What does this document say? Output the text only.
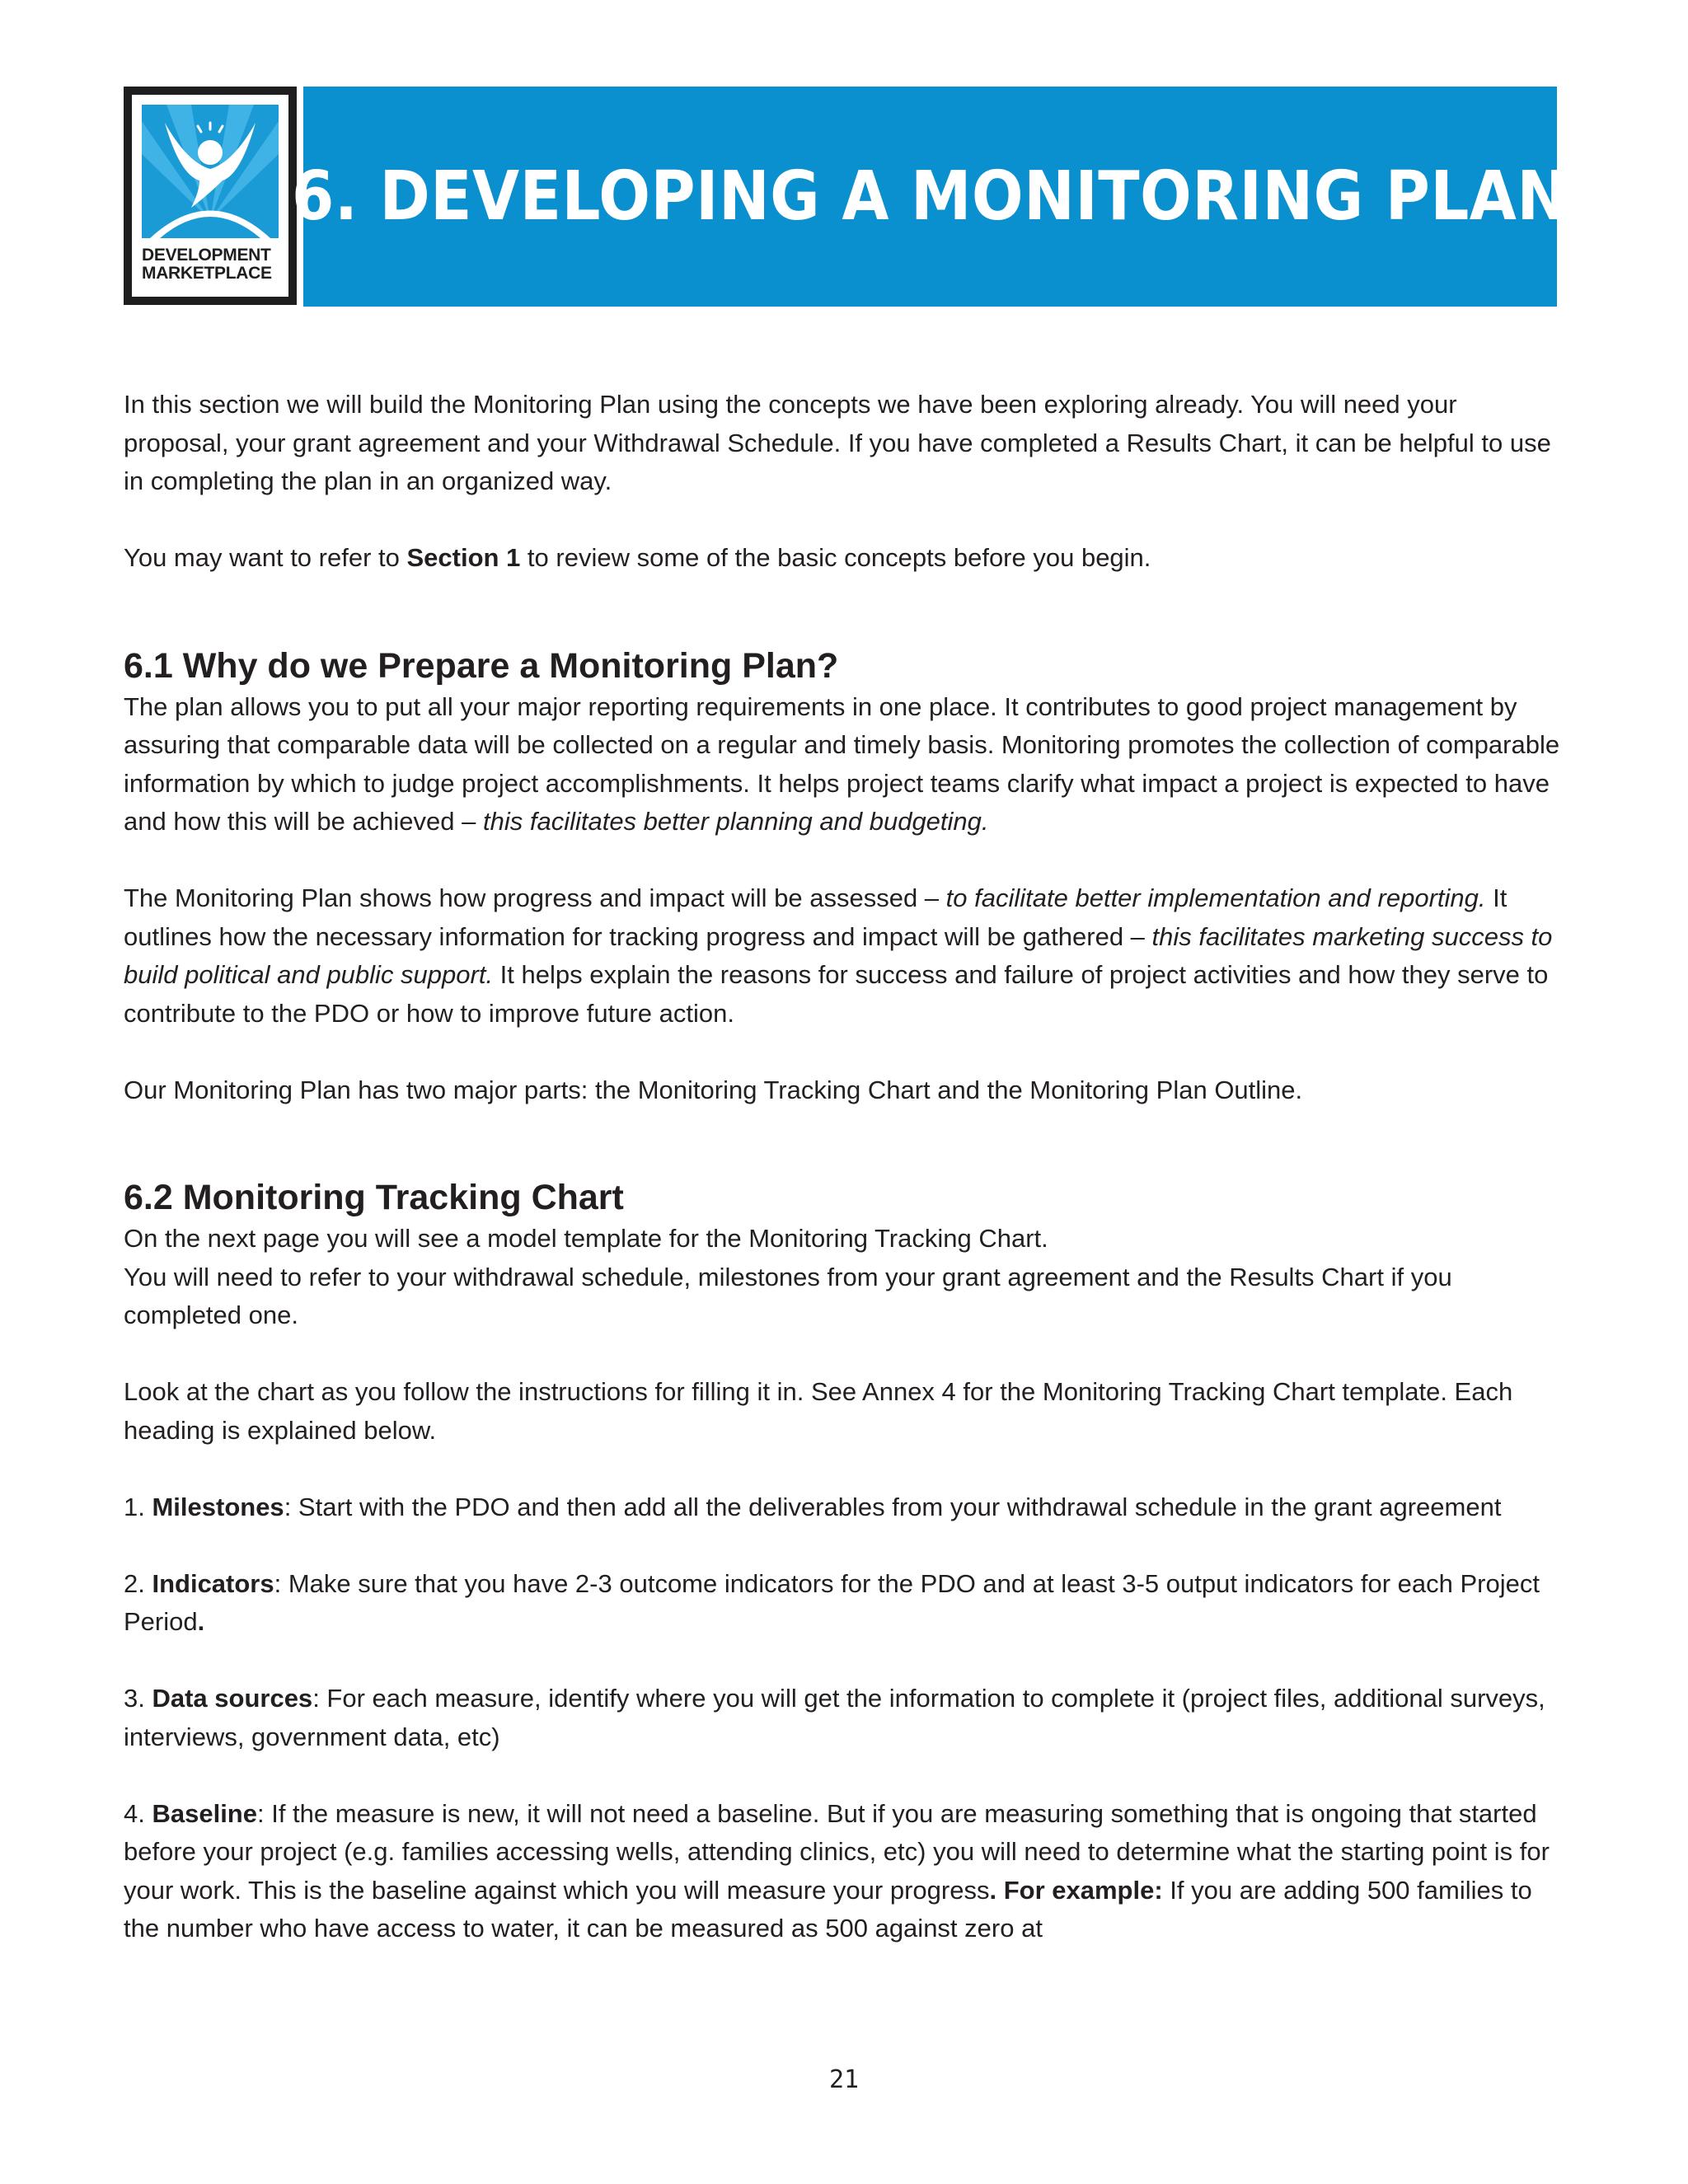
DEVELOPMENT
MARKETPLACE
6. DEVELOPING A MONITORING PLAN

In this section we will build the Monitoring Plan using the concepts we have been exploring already. You will need your proposal, your grant agreement and your Withdrawal Schedule. If you have completed a Results Chart, it can be helpful to use in completing the plan in an organized way.

You may want to refer to Section 1 to review some of the basic concepts before you begin.

6.1 Why do we Prepare a Monitoring Plan?

The plan allows you to put all your major reporting requirements in one place. It contributes to good project management by assuring that comparable data will be collected on a regular and timely basis. Monitoring promotes the collection of comparable information by which to judge project accomplishments. It helps project teams clarify what impact a project is expected to have and how this will be achieved – this facilitates better planning and budgeting.

The Monitoring Plan shows how progress and impact will be assessed – to facilitate better implementation and reporting. It outlines how the necessary information for tracking progress and impact will be gathered – this facilitates marketing success to build political and public support. It helps explain the reasons for success and failure of project activities and how they serve to contribute to the PDO or how to improve future action.

Our Monitoring Plan has two major parts: the Monitoring Tracking Chart and the Monitoring Plan Outline.

6.2 Monitoring Tracking Chart

On the next page you will see a model template for the Monitoring Tracking Chart.

You will need to refer to your withdrawal schedule, milestones from your grant agreement and the Results Chart if you completed one.

Look at the chart as you follow the instructions for filling it in. See Annex 4 for the Monitoring Tracking Chart template. Each heading is explained below.

1. Milestones: Start with the PDO and then add all the deliverables from your withdrawal schedule in the grant agreement

2. Indicators: Make sure that you have 2-3 outcome indicators for the PDO and at least 3-5 output indicators for each Project Period.

3. Data sources: For each measure, identify where you will get the information to complete it (project files, additional surveys, interviews, government data, etc)

4. Baseline: If the measure is new, it will not need a baseline. But if you are measuring something that is ongoing that started before your project (e.g. families accessing wells, attending clinics, etc) you will need to determine what the starting point is for your work. This is the baseline against which you will measure your progress. For example: If you are adding 500 families to the number who have access to water, it can be measured as 500 against zero at

21
